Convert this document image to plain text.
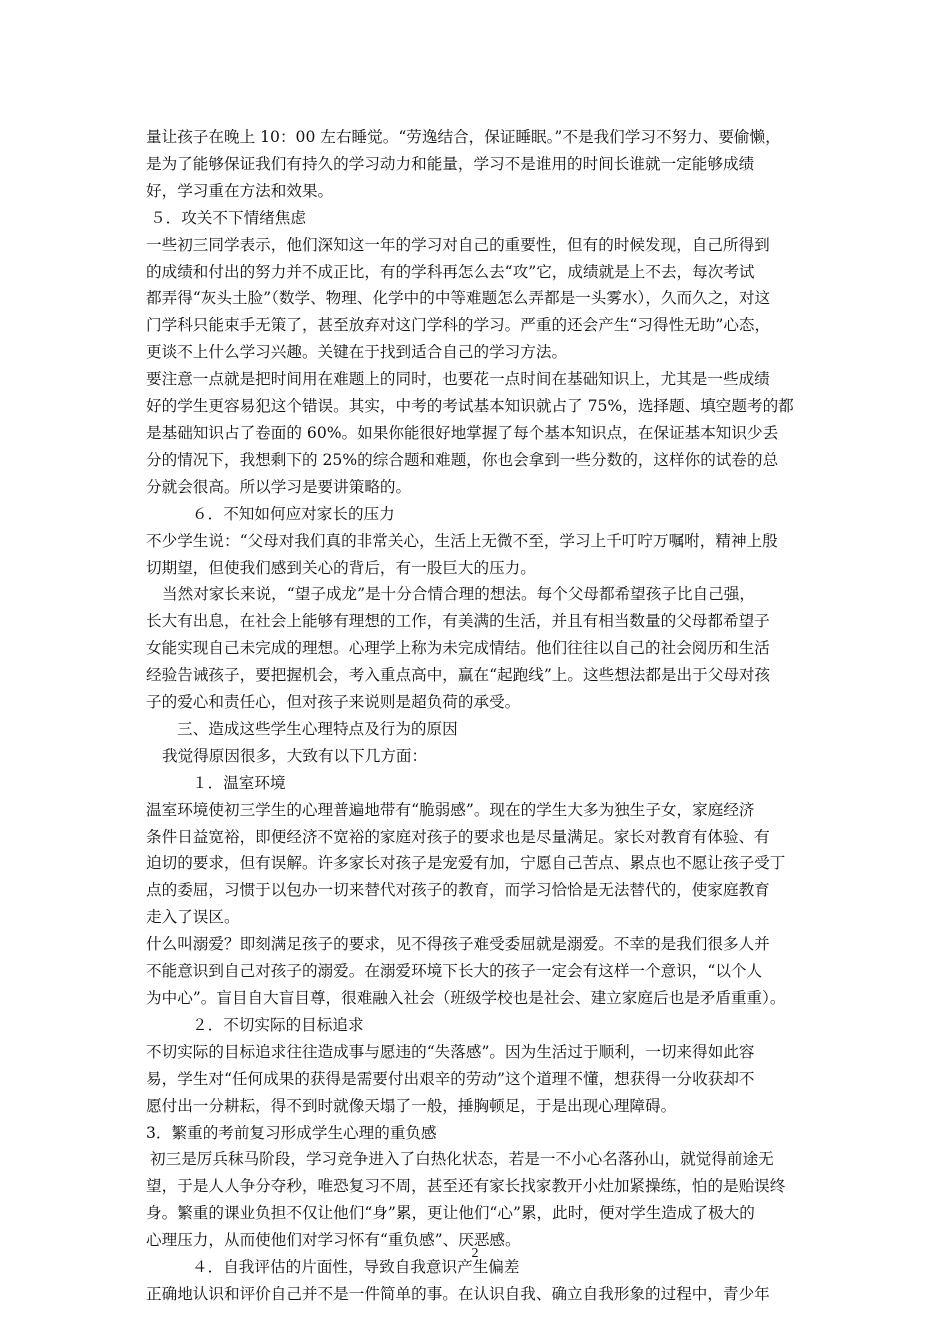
量让孩子在晚上 10：00 左右睡觉。“劳逸结合，保证睡眠。”不是我们学习不努力、要偷懒，

是为了能够保证我们有持久的学习动力和能量，学习不是谁用的时间长谁就一定能够成绩

好，学习重在方法和效果。

５．攻关不下情绪焦虑

一些初三同学表示，他们深知这一年的学习对自己的重要性，但有的时候发现，自己所得到

的成绩和付出的努力并不成正比，有的学科再怎么去“攻”它，成绩就是上不去，每次考试

都弄得“灰头土脸”（数学、物理、化学中的中等难题怎么弄都是一头雾水），久而久之，对这

门学科只能束手无策了，甚至放弃对这门学科的学习。严重的还会产生“习得性无助”心态，

更谈不上什么学习兴趣。关键在于找到适合自己的学习方法。

要注意一点就是把时间用在难题上的同时，也要花一点时间在基础知识上，尤其是一些成绩

好的学生更容易犯这个错误。其实，中考的考试基本知识就占了 75%，选择题、填空题考的都

是基础知识占了卷面的 60%。如果你能很好地掌握了每个基本知识点，在保证基本知识少丢

分的情况下，我想剩下的 25%的综合题和难题，你也会拿到一些分数的，这样你的试卷的总

分就会很高。所以学习是要讲策略的。

６．不知如何应对家长的压力

不少学生说：“父母对我们真的非常关心，生活上无微不至，学习上千叮咛万嘱咐，精神上殷

切期望，但使我们感到关心的背后，有一股巨大的压力。

当然对家长来说，“望子成龙”是十分合情合理的想法。每个父母都希望孩子比自己强，

长大有出息，在社会上能够有理想的工作，有美满的生活，并且有相当数量的父母都希望子

女能实现自己未完成的理想。心理学上称为未完成情结。他们往往以自己的社会阅历和生活

经验告诫孩子，要把握机会，考入重点高中，赢在“起跑线”上。这些想法都是出于父母对孩

子的爱心和责任心，但对孩子来说则是超负荷的承受。

三、造成这些学生心理特点及行为的原因

我觉得原因很多，大致有以下几方面：

１．温室环境

温室环境使初三学生的心理普遍地带有“脆弱感”。现在的学生大多为独生子女，家庭经济

条件日益宽裕，即便经济不宽裕的家庭对孩子的要求也是尽量满足。家长对教育有体验、有

迫切的要求，但有误解。许多家长对孩子是宠爱有加，宁愿自己苦点、累点也不愿让孩子受丁

点的委屈，习惯于以包办一切来替代对孩子的教育，而学习恰恰是无法替代的，使家庭教育

走入了误区。

什么叫溺爱？即刻满足孩子的要求，见不得孩子难受委屈就是溺爱。不幸的是我们很多人并

不能意识到自己对孩子的溺爱。在溺爱环境下长大的孩子一定会有这样一个意识，“以个人

为中心”。盲目自大盲目尊，很难融入社会（班级学校也是社会、建立家庭后也是矛盾重重）。

２．不切实际的目标追求

不切实际的目标追求往往造成事与愿违的“失落感”。因为生活过于顺利，一切来得如此容

易，学生对“任何成果的获得是需要付出艰辛的劳动”这个道理不懂，想获得一分收获却不

愿付出一分耕耘，得不到时就像天塌了一般，捶胸顿足，于是出现心理障碍。

3．繁重的考前复习形成学生心理的重负感

初三是厉兵秣马阶段，学习竞争进入了白热化状态，若是一不小心名落孙山，就觉得前途无

望，于是人人争分夺秒，唯恐复习不周，甚至还有家长找家教开小灶加紧操练，怕的是贻误终

身。繁重的课业负担不仅让他们“身”累，更让他们“心”累，此时，便对学生造成了极大的

心理压力，从而使他们对学习怀有“重负感”、厌恶感。

４．自我评估的片面性，导致自我意识产生偏差

正确地认识和评价自己并不是一件简单的事。在认识自我、确立自我形象的过程中，青少年

2
